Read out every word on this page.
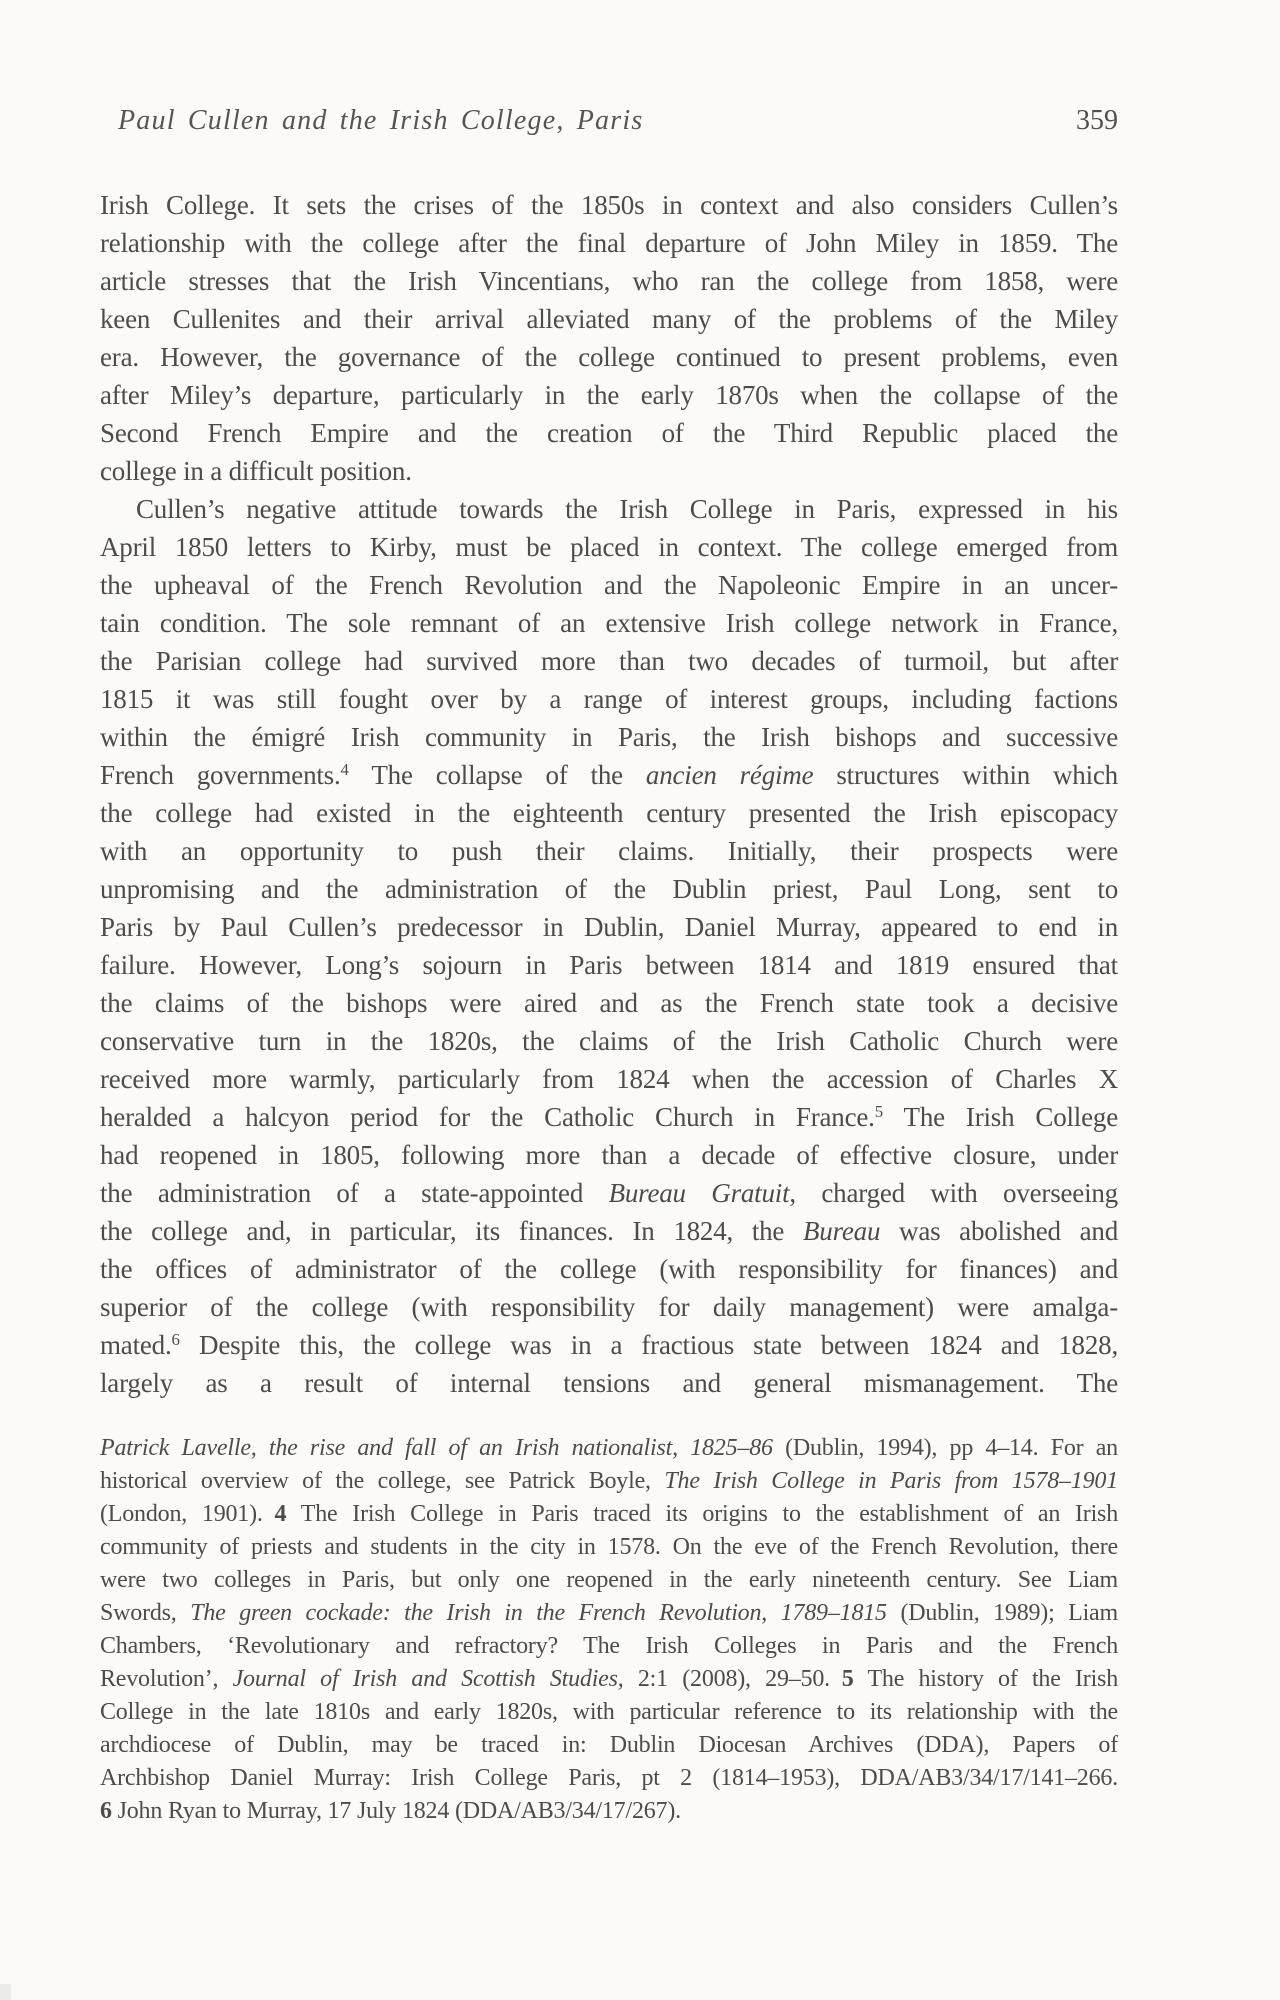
Paul Cullen and the Irish College, Paris	359
Irish College. It sets the crises of the 1850s in context and also considers Cullen’s
relationship with the college after the final departure of John Miley in 1859. The
article stresses that the Irish Vincentians, who ran the college from 1858, were
keen Cullenites and their arrival alleviated many of the problems of the Miley
era. However, the governance of the college continued to present problems, even
after Miley’s departure, particularly in the early 1870s when the collapse of the
Second French Empire and the creation of the Third Republic placed the
college in a difficult position.
Cullen’s negative attitude towards the Irish College in Paris, expressed in his
April 1850 letters to Kirby, must be placed in context. The college emerged from
the upheaval of the French Revolution and the Napoleonic Empire in an uncer-
tain condition. The sole remnant of an extensive Irish college network in France,
the Parisian college had survived more than two decades of turmoil, but after
1815 it was still fought over by a range of interest groups, including factions
within the émigré Irish community in Paris, the Irish bishops and successive
French governments.$^4$ The collapse of the ancien régime structures within which
the college had existed in the eighteenth century presented the Irish episcopacy
with an opportunity to push their claims. Initially, their prospects were
unpromising and the administration of the Dublin priest, Paul Long, sent to
Paris by Paul Cullen’s predecessor in Dublin, Daniel Murray, appeared to end in
failure. However, Long’s sojourn in Paris between 1814 and 1819 ensured that
the claims of the bishops were aired and as the French state took a decisive
conservative turn in the 1820s, the claims of the Irish Catholic Church were
received more warmly, particularly from 1824 when the accession of Charles X
heralded a halcyon period for the Catholic Church in France.$^5$ The Irish College
had reopened in 1805, following more than a decade of effective closure, under
the administration of a state-appointed Bureau Gratuit, charged with overseeing
the college and, in particular, its finances. In 1824, the Bureau was abolished and
the offices of administrator of the college (with responsibility for finances) and
superior of the college (with responsibility for daily management) were amalga-
mated.$^6$ Despite this, the college was in a fractious state between 1824 and 1828,
largely as a result of internal tensions and general mismanagement. The
Patrick Lavelle, the rise and fall of an Irish nationalist, 1825–86 (Dublin, 1994), pp 4–14. For an
historical overview of the college, see Patrick Boyle, The Irish College in Paris from 1578–1901
(London, 1901). 4 The Irish College in Paris traced its origins to the establishment of an Irish
community of priests and students in the city in 1578. On the eve of the French Revolution, there
were two colleges in Paris, but only one reopened in the early nineteenth century. See Liam
Swords, The green cockade: the Irish in the French Revolution, 1789–1815 (Dublin, 1989); Liam
Chambers, ‘Revolutionary and refractory? The Irish Colleges in Paris and the French
Revolution’, Journal of Irish and Scottish Studies, 2:1 (2008), 29–50. 5 The history of the Irish
College in the late 1810s and early 1820s, with particular reference to its relationship with the
archdiocese of Dublin, may be traced in: Dublin Diocesan Archives (DDA), Papers of
Archbishop Daniel Murray: Irish College Paris, pt 2 (1814–1953), DDA/AB3/34/17/141–266.
6 John Ryan to Murray, 17 July 1824 (DDA/AB3/34/17/267).
